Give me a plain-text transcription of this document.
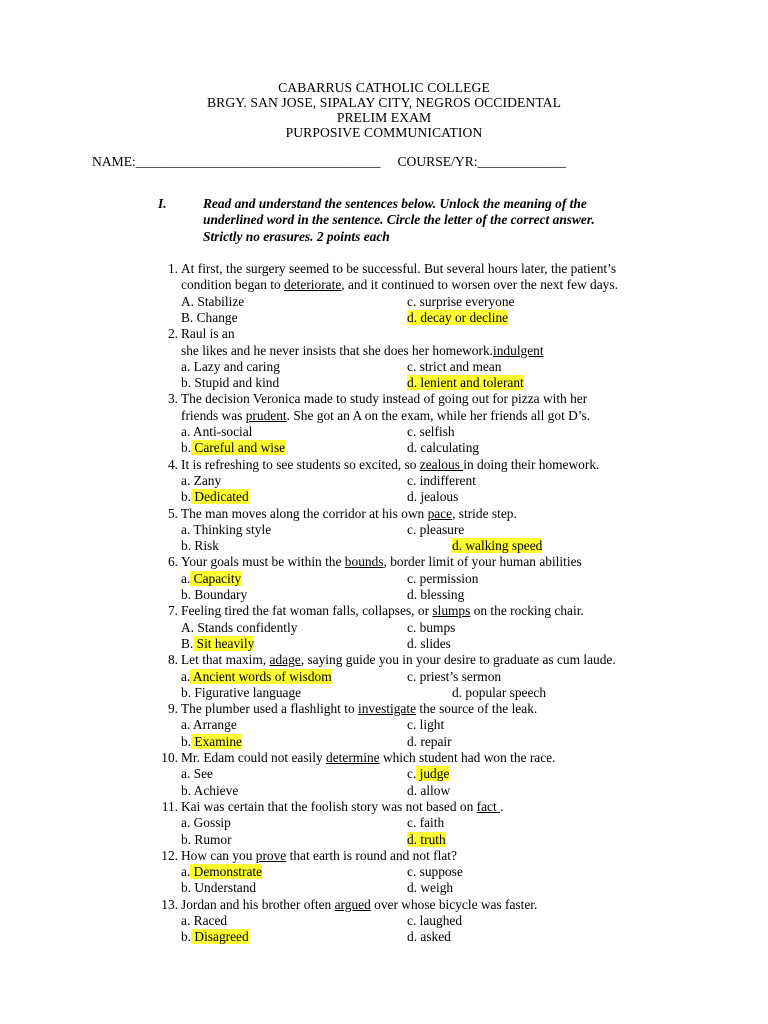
CABARRUS CATHOLIC COLLEGE
BRGY. SAN JOSE, SIPALAY CITY, NEGROS OCCIDENTAL
PRELIM EXAM
PURPOSIVE COMMUNICATION
NAME:____________________________________     COURSE/YR:_____________
I.	Read and understand the sentences below. Unlock the meaning of the
underlined word in the sentence. Circle the letter of the correct answer.
Strictly no erasures. 2 points each
1. At first, the surgery seemed to be successful. But several hours later, the patient’s
condition began to deteriorate, and it continued to worsen over the next few days.
A. Stabilize	c. surprise everyone
B. Change	d. decay or decline
2. Raul is an
she likes and he never insists that she does her homework.indulgent
a. Lazy and caring	c. strict and mean
b. Stupid and kind	d. lenient and tolerant
3. The decision Veronica made to study instead of going out for pizza with her
friends was prudent. She got an A on the exam, while her friends all got D’s.
a. Anti-social	c. selfish
b. Careful and wise	d. calculating
4. It is refreshing to see students so excited, so zealous in doing their homework.
a. Zany	c. indifferent
b. Dedicated	d. jealous
5. The man moves along the corridor at his own pace, stride step.
a. Thinking style	c. pleasure
b. Risk	d. walking speed
6. Your goals must be within the bounds, border limit of your human abilities
a. Capacity	c. permission
b. Boundary	d. blessing
7. Feeling tired the fat woman falls, collapses, or slumps on the rocking chair.
A. Stands confidently	c. bumps
B. Sit heavily	d. slides
8. Let that maxim, adage, saying guide you in your desire to graduate as cum laude.
a. Ancient words of wisdom	c. priest’s sermon
b. Figurative language	d. popular speech
9. The plumber used a flashlight to investigate the source of the leak.
a. Arrange	c. light
b. Examine	d. repair
10. Mr. Edam could not easily determine which student had won the race.
a. See	c. judge
b. Achieve	d. allow
11. Kai was certain that the foolish story was not based on fact .
a. Gossip	c. faith
b. Rumor	d. truth
12. How can you prove that earth is round and not flat?
a. Demonstrate	c. suppose
b. Understand	d. weigh
13. Jordan and his brother often argued over whose bicycle was faster.
a. Raced	c. laughed
b. Disagreed	d. asked
